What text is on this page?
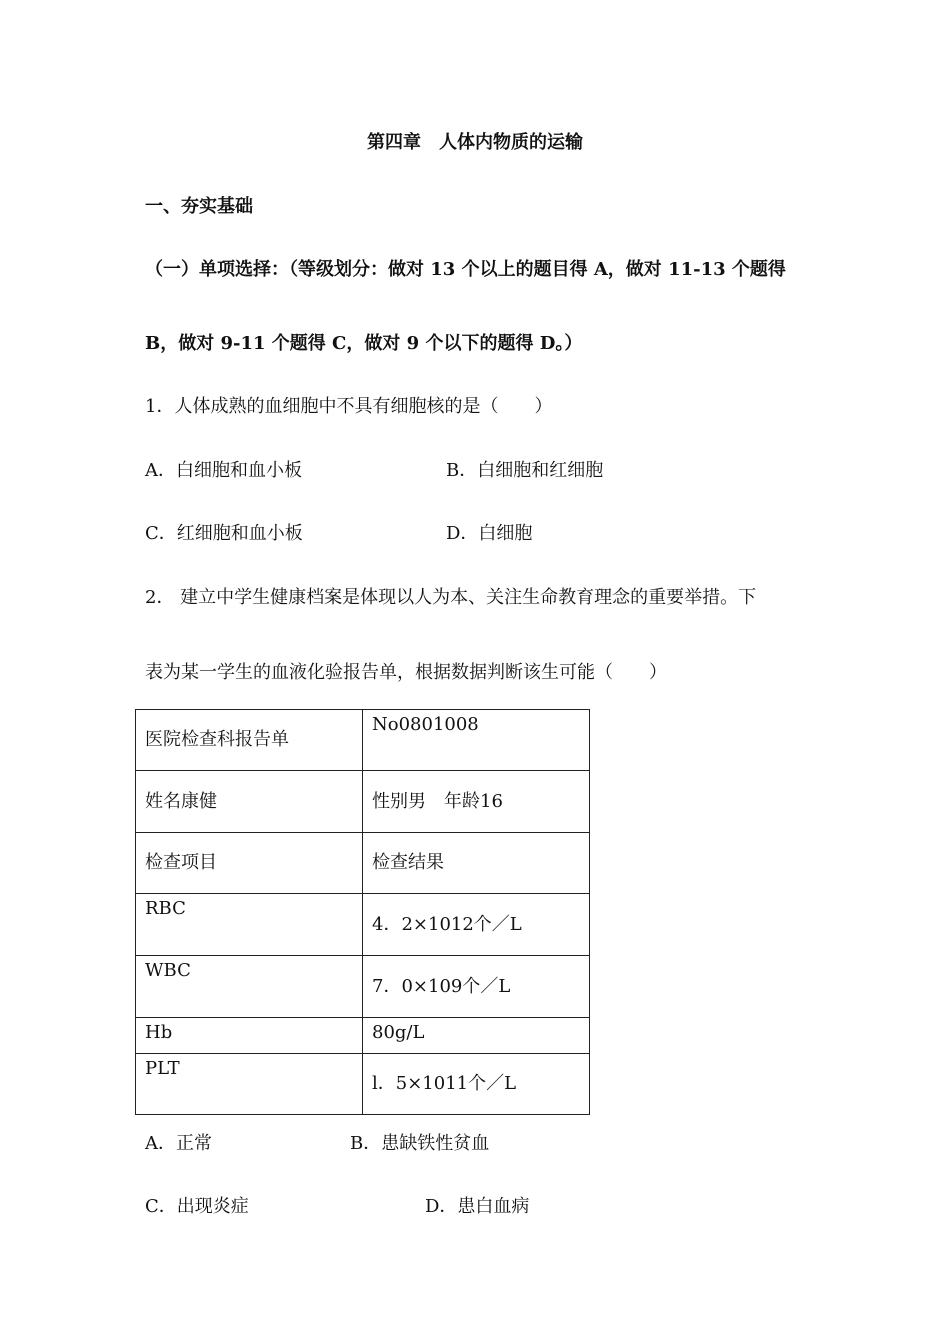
第四章　人体内物质的运输
一、夯实基础
（一）单项选择：（等级划分：做对 13 个以上的题目得 A，做对 11-13 个题得
B，做对 9-11 个题得 C，做对 9 个以下的题得 D。）
1．人体成熟的血细胞中不具有细胞核的是（　　）
A．白细胞和血小板	B．白细胞和红细胞
C．红细胞和血小板	D．白细胞
2． 建立中学生健康档案是体现以人为本、关注生命教育理念的重要举措。下
表为某一学生的血液化验报告单，根据数据判断该生可能（　　）
医院检查科报告单	No0801008
姓名康健	性别男　年龄16
检查项目	检查结果
RBC	4．2×1012个／L
WBC	7．0×109个／L
Hb	80g/L
PLT	l．5×1011个／L
A．正常	B．患缺铁性贫血
C．出现炎症	D．患白血病
